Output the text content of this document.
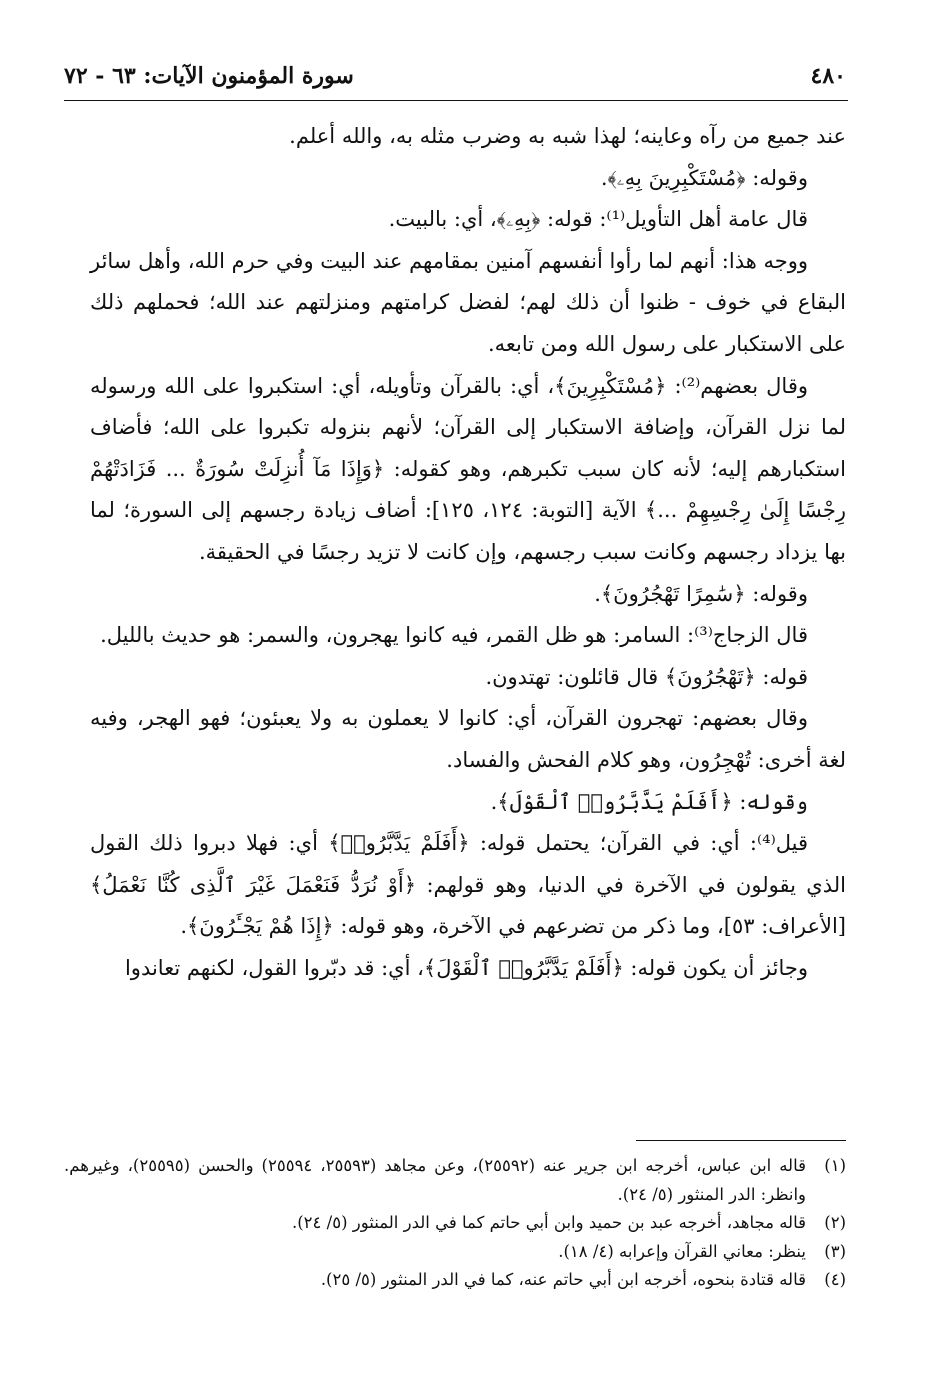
٤٨٠
سورة المؤمنون الآيات: ٦٣ - ٧٢

عند جميع من رآه وعاينه؛ لهذا شبه به وضرب مثله به، والله أعلم.

وقوله: ﴿مُسْتَكْبِرِينَ بِهِۦ﴾.

قال عامة أهل التأويل⁽¹⁾: قوله: ﴿بِهِۦ﴾، أي: بالبيت.

ووجه هذا: أنهم لما رأوا أنفسهم آمنين بمقامهم عند البيت وفي حرم الله، وأهل سائر البقاع في خوف - ظنوا أن ذلك لهم؛ لفضل كرامتهم ومنزلتهم عند الله؛ فحملهم ذلك على الاستكبار على رسول الله ومن تابعه.

وقال بعضهم⁽²⁾: ﴿مُسْتَكْبِرِينَ﴾، أي: بالقرآن وتأويله، أي: استكبروا على الله ورسوله لما نزل القرآن، وإضافة الاستكبار إلى القرآن؛ لأنهم بنزوله تكبروا على الله؛ فأضاف استكبارهم إليه؛ لأنه كان سبب تكبرهم، وهو كقوله: ﴿وَإِذَا مَآ أُنزِلَتْ سُورَةٌ ... فَزَادَتْهُمْ رِجْسًا إِلَىٰ رِجْسِهِمْ ...﴾ الآية [التوبة: ١٢٤، ١٢٥]: أضاف زيادة رجسهم إلى السورة؛ لما بها يزداد رجسهم وكانت سبب رجسهم، وإن كانت لا تزيد رجسًا في الحقيقة.

وقوله: ﴿سَٰمِرًا تَهْجُرُونَ﴾.

قال الزجاج⁽³⁾: السامر: هو ظل القمر، فيه كانوا يهجرون، والسمر: هو حديث بالليل.

قوله: ﴿تَهْجُرُونَ﴾ قال قائلون: تهتدون.

وقال بعضهم: تهجرون القرآن، أي: كانوا لا يعملون به ولا يعبئون؛ فهو الهجر، وفيه لغة أخرى: تُهْجِرُون، وهو كلام الفحش والفساد.

وقوله: ﴿أَفَلَمْ يَدَّبَّرُوا۟ ٱلْقَوْلَ﴾.

قيل⁽⁴⁾: أي: في القرآن؛ يحتمل قوله: ﴿أَفَلَمْ يَدَّبَّرُوا۟﴾ أي: فهلا دبروا ذلك القول الذي يقولون في الآخرة في الدنيا، وهو قولهم: ﴿أَوْ نُرَدُّ فَنَعْمَلَ غَيْرَ ٱلَّذِى كُنَّا نَعْمَلُ﴾ [الأعراف: ٥٣]، وما ذكر من تضرعهم في الآخرة، وهو قوله: ﴿إِذَا هُمْ يَجْـَٔرُونَ﴾.

وجائز أن يكون قوله: ﴿أَفَلَمْ يَدَّبَّرُوا۟ ٱلْقَوْلَ﴾، أي: قد دبّروا القول، لكنهم تعاندوا

(١)
قاله ابن عباس، أخرجه ابن جرير عنه (٢٥٥٩٢)، وعن مجاهد (٢٥٥٩٣، ٢٥٥٩٤) والحسن (٢٥٥٩٥)، وغيرهم. وانظر: الدر المنثور (٥/ ٢٤).
(٢)
قاله مجاهد، أخرجه عبد بن حميد وابن أبي حاتم كما في الدر المنثور (٥/ ٢٤).
(٣)
ينظر: معاني القرآن وإعرابه (٤/ ١٨).
(٤)
قاله قتادة بنحوه، أخرجه ابن أبي حاتم عنه، كما في الدر المنثور (٥/ ٢٥).
